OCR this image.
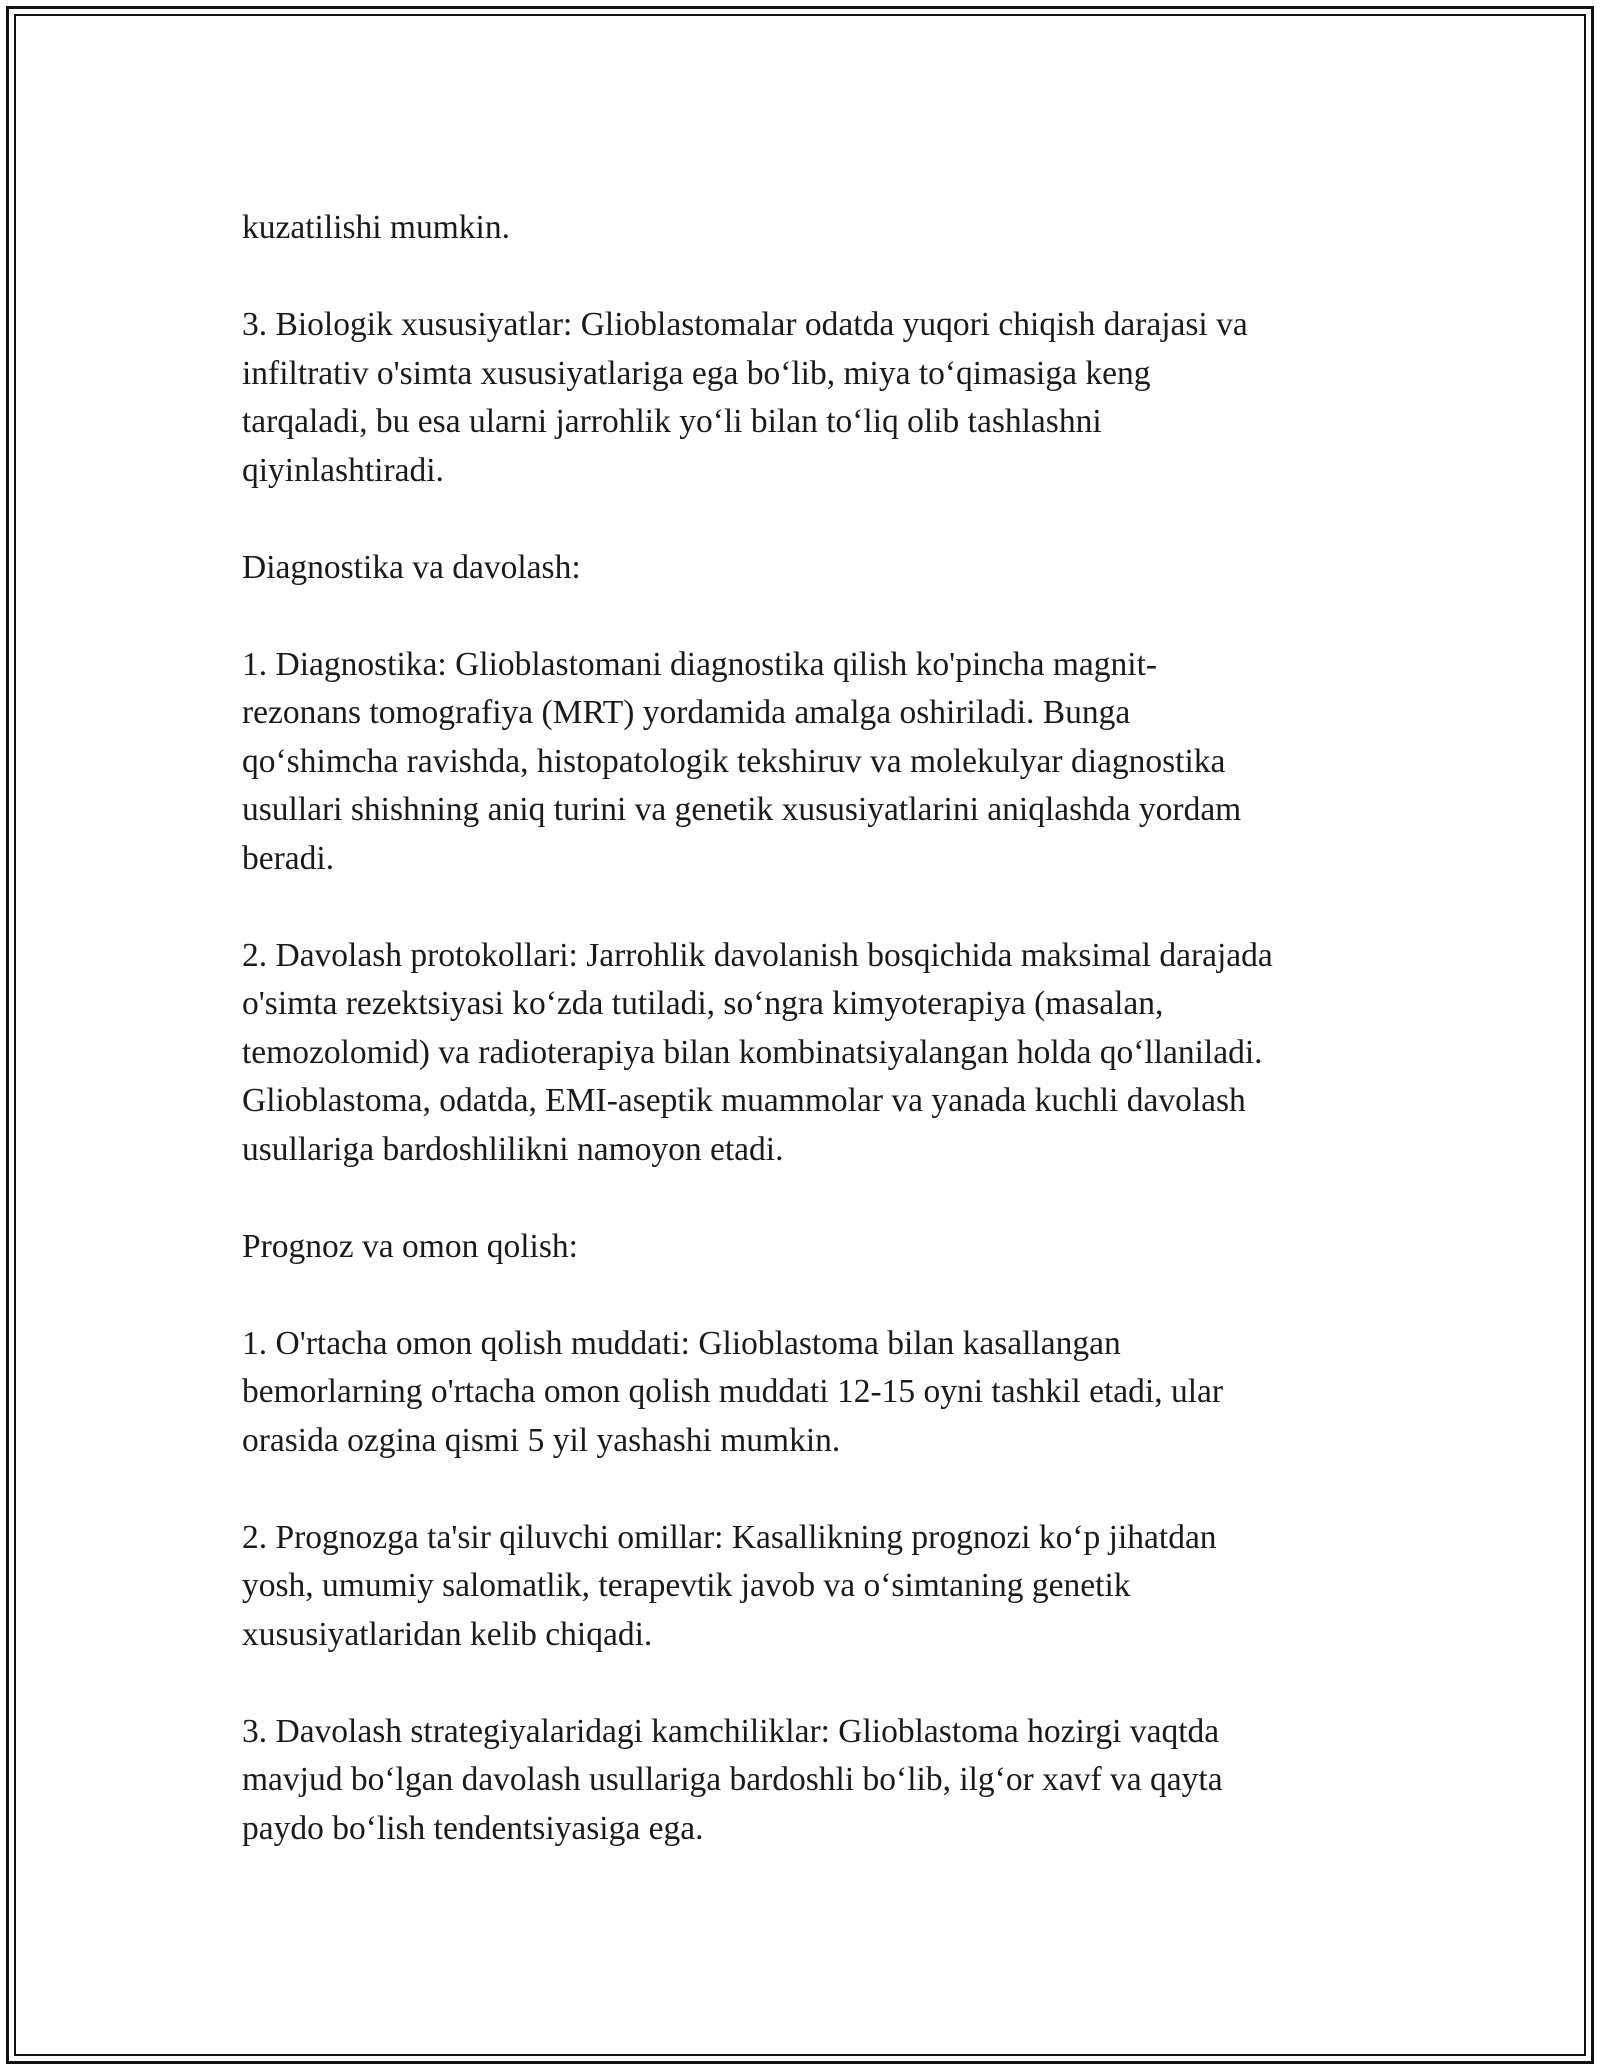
kuzatilishi mumkin.

3. Biologik xususiyatlar: Glioblastomalar odatda yuqori chiqish darajasi va
infiltrativ o'simta xususiyatlariga ega bo‘lib, miya to‘qimasiga keng
tarqaladi, bu esa ularni jarrohlik yo‘li bilan to‘liq olib tashlashni
qiyinlashtiradi.

Diagnostika va davolash:

1. Diagnostika: Glioblastomani diagnostika qilish ko'pincha magnit-
rezonans tomografiya (MRT) yordamida amalga oshiriladi. Bunga
qo‘shimcha ravishda, histopatologik tekshiruv va molekulyar diagnostika
usullari shishning aniq turini va genetik xususiyatlarini aniqlashda yordam
beradi.

2. Davolash protokollari: Jarrohlik davolanish bosqichida maksimal darajada
o'simta rezektsiyasi ko‘zda tutiladi, so‘ngra kimyoterapiya (masalan,
temozolomid) va radioterapiya bilan kombinatsiyalangan holda qo‘llaniladi.
Glioblastoma, odatda, EMI-aseptik muammolar va yanada kuchli davolash
usullariga bardoshlilikni namoyon etadi.

Prognoz va omon qolish:

1. O'rtacha omon qolish muddati: Glioblastoma bilan kasallangan
bemorlarning o'rtacha omon qolish muddati 12-15 oyni tashkil etadi, ular
orasida ozgina qismi 5 yil yashashi mumkin.

2. Prognozga ta'sir qiluvchi omillar: Kasallikning prognozi ko‘p jihatdan
yosh, umumiy salomatlik, terapevtik javob va o‘simtaning genetik
xususiyatlaridan kelib chiqadi.

3. Davolash strategiyalaridagi kamchiliklar: Glioblastoma hozirgi vaqtda
mavjud bo‘lgan davolash usullariga bardoshli bo‘lib, ilg‘or xavf va qayta
paydo bo‘lish tendentsiyasiga ega.
